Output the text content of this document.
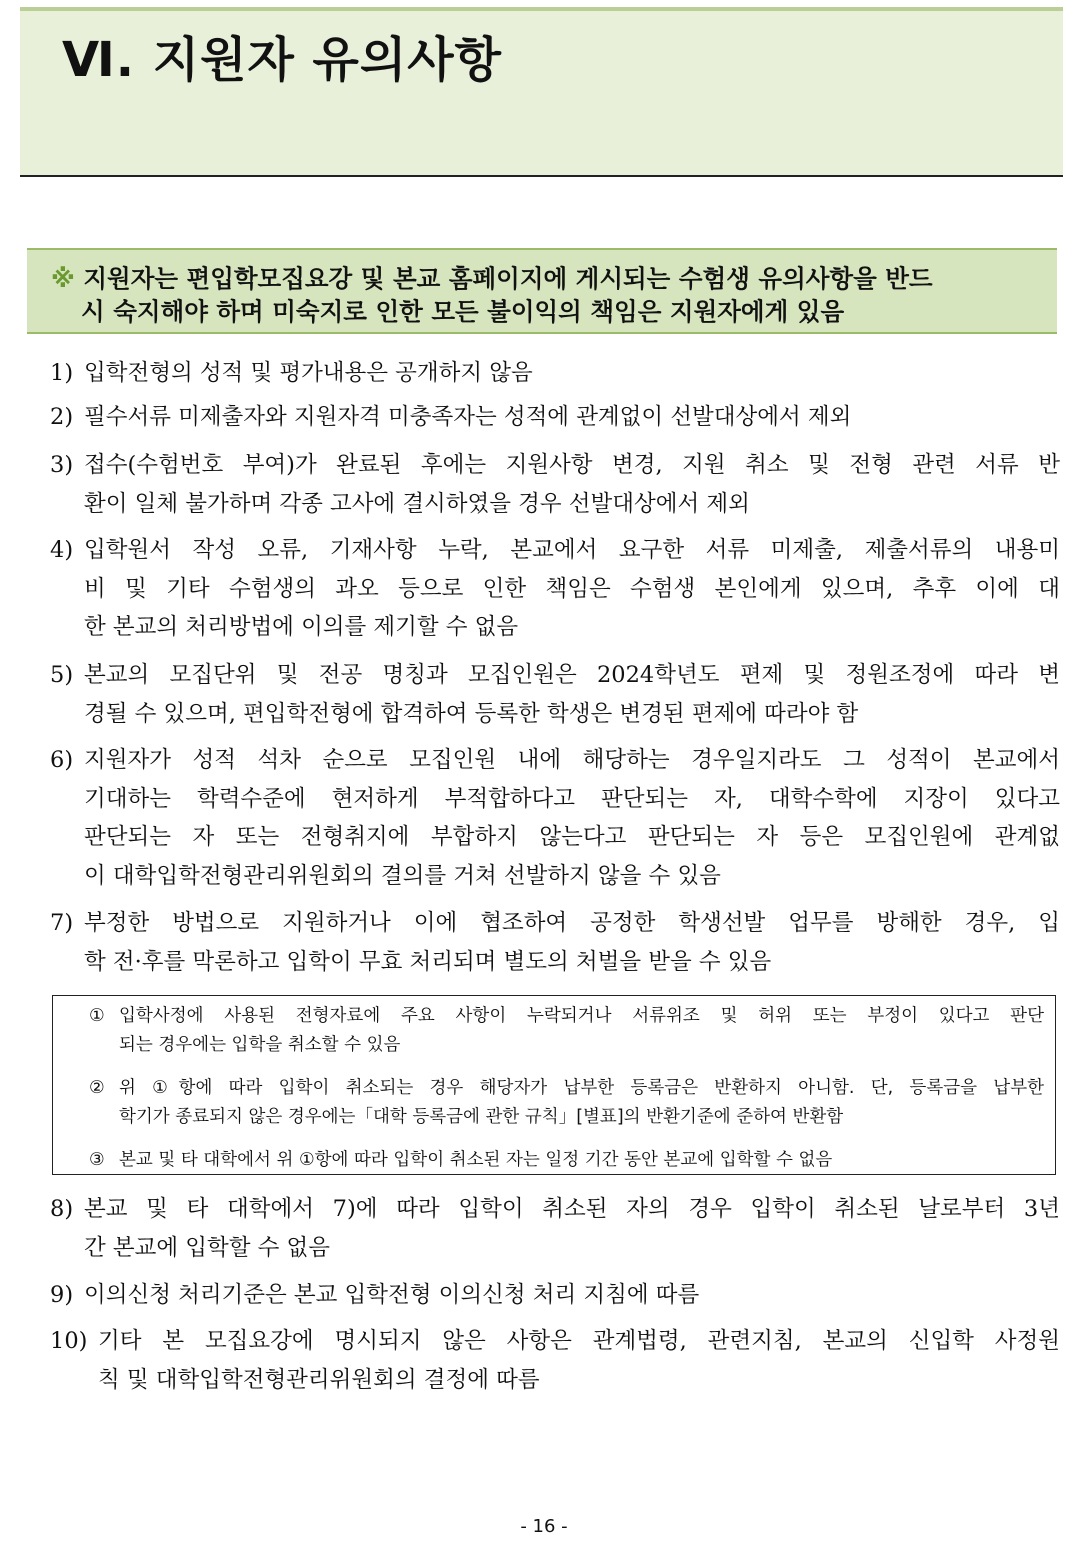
Ⅵ. 지원자 유의사항
※ 지원자는 편입학모집요강 및 본교 홈페이지에 게시되는 수험생 유의사항을 반드
시 숙지해야 하며 미숙지로 인한 모든 불이익의 책임은 지원자에게 있음
1) 입학전형의 성적 및 평가내용은 공개하지 않음
2) 필수서류 미제출자와 지원자격 미충족자는 성적에 관계없이 선발대상에서 제외
3) 접수(수험번호 부여)가 완료된 후에는 지원사항 변경, 지원 취소 및 전형 관련 서류 반
환이 일체 불가하며 각종 고사에 결시하였을 경우 선발대상에서 제외
4) 입학원서 작성 오류, 기재사항 누락, 본교에서 요구한 서류 미제출, 제출서류의 내용미
비 및 기타 수험생의 과오 등으로 인한 책임은 수험생 본인에게 있으며, 추후 이에 대
한 본교의 처리방법에 이의를 제기할 수 없음
5) 본교의 모집단위 및 전공 명칭과 모집인원은 2024학년도 편제 및 정원조정에 따라 변
경될 수 있으며, 편입학전형에 합격하여 등록한 학생은 변경된 편제에 따라야 함
6) 지원자가 성적 석차 순으로 모집인원 내에 해당하는 경우일지라도 그 성적이 본교에서
기대하는 학력수준에 현저하게 부적합하다고 판단되는 자, 대학수학에 지장이 있다고
판단되는 자 또는 전형취지에 부합하지 않는다고 판단되는 자 등은 모집인원에 관계없
이 대학입학전형관리위원회의 결의를 거쳐 선발하지 않을 수 있음
7) 부정한 방법으로 지원하거나 이에 협조하여 공정한 학생선발 업무를 방해한 경우, 입
학 전·후를 막론하고 입학이 무효 처리되며 별도의 처벌을 받을 수 있음
① 입학사정에 사용된 전형자료에 주요 사항이 누락되거나 서류위조 및 허위 또는 부정이 있다고 판단
되는 경우에는 입학을 취소할 수 있음
② 위 ①항에 따라 입학이 취소되는 경우 해당자가 납부한 등록금은 반환하지 아니함. 단, 등록금을 납부한
학기가 종료되지 않은 경우에는「대학 등록금에 관한 규칙」[별표]의 반환기준에 준하여 반환함
③ 본교 및 타 대학에서 위 ①항에 따라 입학이 취소된 자는 일정 기간 동안 본교에 입학할 수 없음
8) 본교 및 타 대학에서 7)에 따라 입학이 취소된 자의 경우 입학이 취소된 날로부터 3년
간 본교에 입학할 수 없음
9) 이의신청 처리기준은 본교 입학전형 이의신청 처리 지침에 따름
10) 기타 본 모집요강에 명시되지 않은 사항은 관계법령, 관련지침, 본교의 신입학 사정원
칙 및 대학입학전형관리위원회의 결정에 따름
- 16 -
